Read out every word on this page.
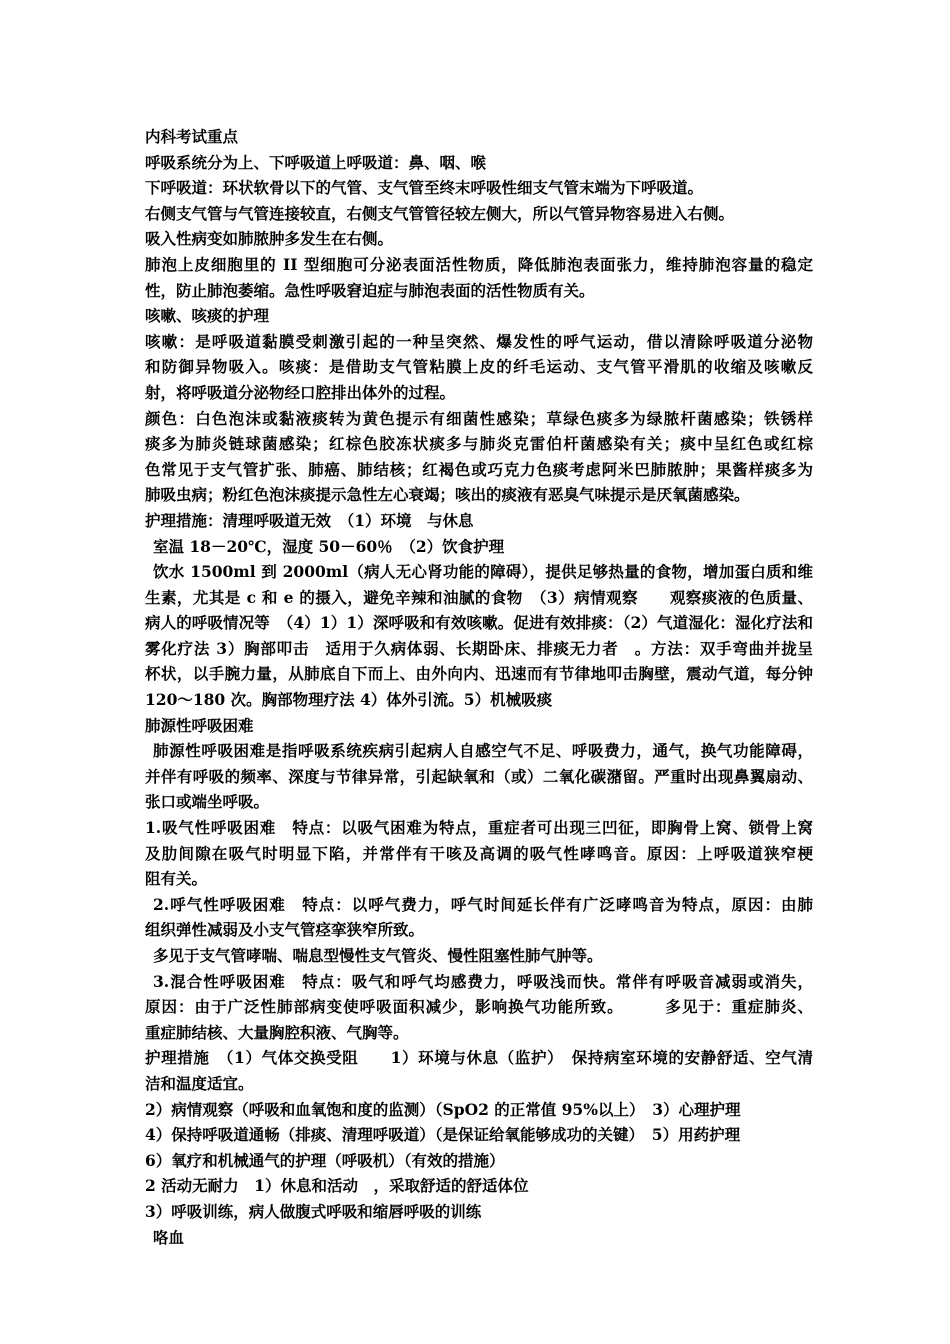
内科考试重点
呼吸系统分为上、下呼吸道上呼吸道：鼻、咽、喉
下呼吸道：环状软骨以下的气管、支气管至终末呼吸性细支气管末端为下呼吸道。
右侧支气管与气管连接较直，右侧支气管管径较左侧大，所以气管异物容易进入右侧。
吸入性病变如肺脓肿多发生在右侧。
肺泡上皮细胞里的 II 型细胞可分泌表面活性物质，降低肺泡表面张力，维持肺泡容量的稳定
性，防止肺泡萎缩。急性呼吸窘迫症与肺泡表面的活性物质有关。
咳嗽、咳痰的护理
咳嗽：是呼吸道黏膜受刺激引起的一种呈突然、爆发性的呼气运动，借以清除呼吸道分泌物
和防御异物吸入。咳痰：是借助支气管粘膜上皮的纤毛运动、支气管平滑肌的收缩及咳嗽反
射，将呼吸道分泌物经口腔排出体外的过程。
颜色：白色泡沫或黏液痰转为黄色提示有细菌性感染；草绿色痰多为绿脓杆菌感染；铁锈样
痰多为肺炎链球菌感染；红棕色胶冻状痰多与肺炎克雷伯杆菌感染有关；痰中呈红色或红棕
色常见于支气管扩张、肺癌、肺结核；红褐色或巧克力色痰考虑阿米巴肺脓肿；果酱样痰多为
肺吸虫病；粉红色泡沫痰提示急性左心衰竭；咳出的痰液有恶臭气味提示是厌氧菌感染。
护理措施：清理呼吸道无效　（1）环境　与休息
室温 18－20℃，湿度 50－60％　（2）饮食护理
饮水 1500ml 到 2000ml（病人无心肾功能的障碍），提供足够热量的食物，增加蛋白质和维
生素，尤其是 c 和 e 的摄入，避免辛辣和油腻的食物　（3）病情观察　　观察痰液的色质量、
病人的呼吸情况等　（4）1）1）深呼吸和有效咳嗽。促进有效排痰：（2）气道湿化：湿化疗法和
雾化疗法 3）胸部叩击　适用于久病体弱、长期卧床、排痰无力者　。方法：双手弯曲并拢呈
杯状，以手腕力量，从肺底自下而上、由外向内、迅速而有节律地叩击胸壁，震动气道，每分钟
120～180 次。胸部物理疗法 4）体外引流。5）机械吸痰
肺源性呼吸困难
肺源性呼吸困难是指呼吸系统疾病引起病人自感空气不足、呼吸费力，通气，换气功能障碍，
并伴有呼吸的频率、深度与节律异常，引起缺氧和（或）二氧化碳潴留。严重时出现鼻翼扇动、
张口或端坐呼吸。
1.吸气性呼吸困难　特点：以吸气困难为特点，重症者可出现三凹征，即胸骨上窝、锁骨上窝
及肋间隙在吸气时明显下陷，并常伴有干咳及高调的吸气性哮鸣音。原因：上呼吸道狭窄梗
阻有关。
2.呼气性呼吸困难　特点：以呼气费力，呼气时间延长伴有广泛哮鸣音为特点，原因：由肺
组织弹性减弱及小支气管痉挛狭窄所致。
多见于支气管哮喘、喘息型慢性支气管炎、慢性阻塞性肺气肿等。
3.混合性呼吸困难　特点：吸气和呼气均感费力，呼吸浅而快。常伴有呼吸音减弱或消失，
原因：由于广泛性肺部病变使呼吸面积减少，影响换气功能所致。　　　多见于：重症肺炎、
重症肺结核、大量胸腔积液、气胸等。
护理措施　（1）气体交换受阻　　1）环境与休息（监护）　保持病室环境的安静舒适、空气清
洁和温度适宜。
2）病情观察（呼吸和血氧饱和度的监测）（SpO2 的正常值 95%以上）　3）心理护理
4）保持呼吸道通畅（排痰、清理呼吸道）（是保证给氧能够成功的关键）　5）用药护理
6）氧疗和机械通气的护理（呼吸机）（有效的措施）
2 活动无耐力　1）休息和活动　，采取舒适的舒适体位
3）呼吸训练，病人做腹式呼吸和缩唇呼吸的训练
咯血
